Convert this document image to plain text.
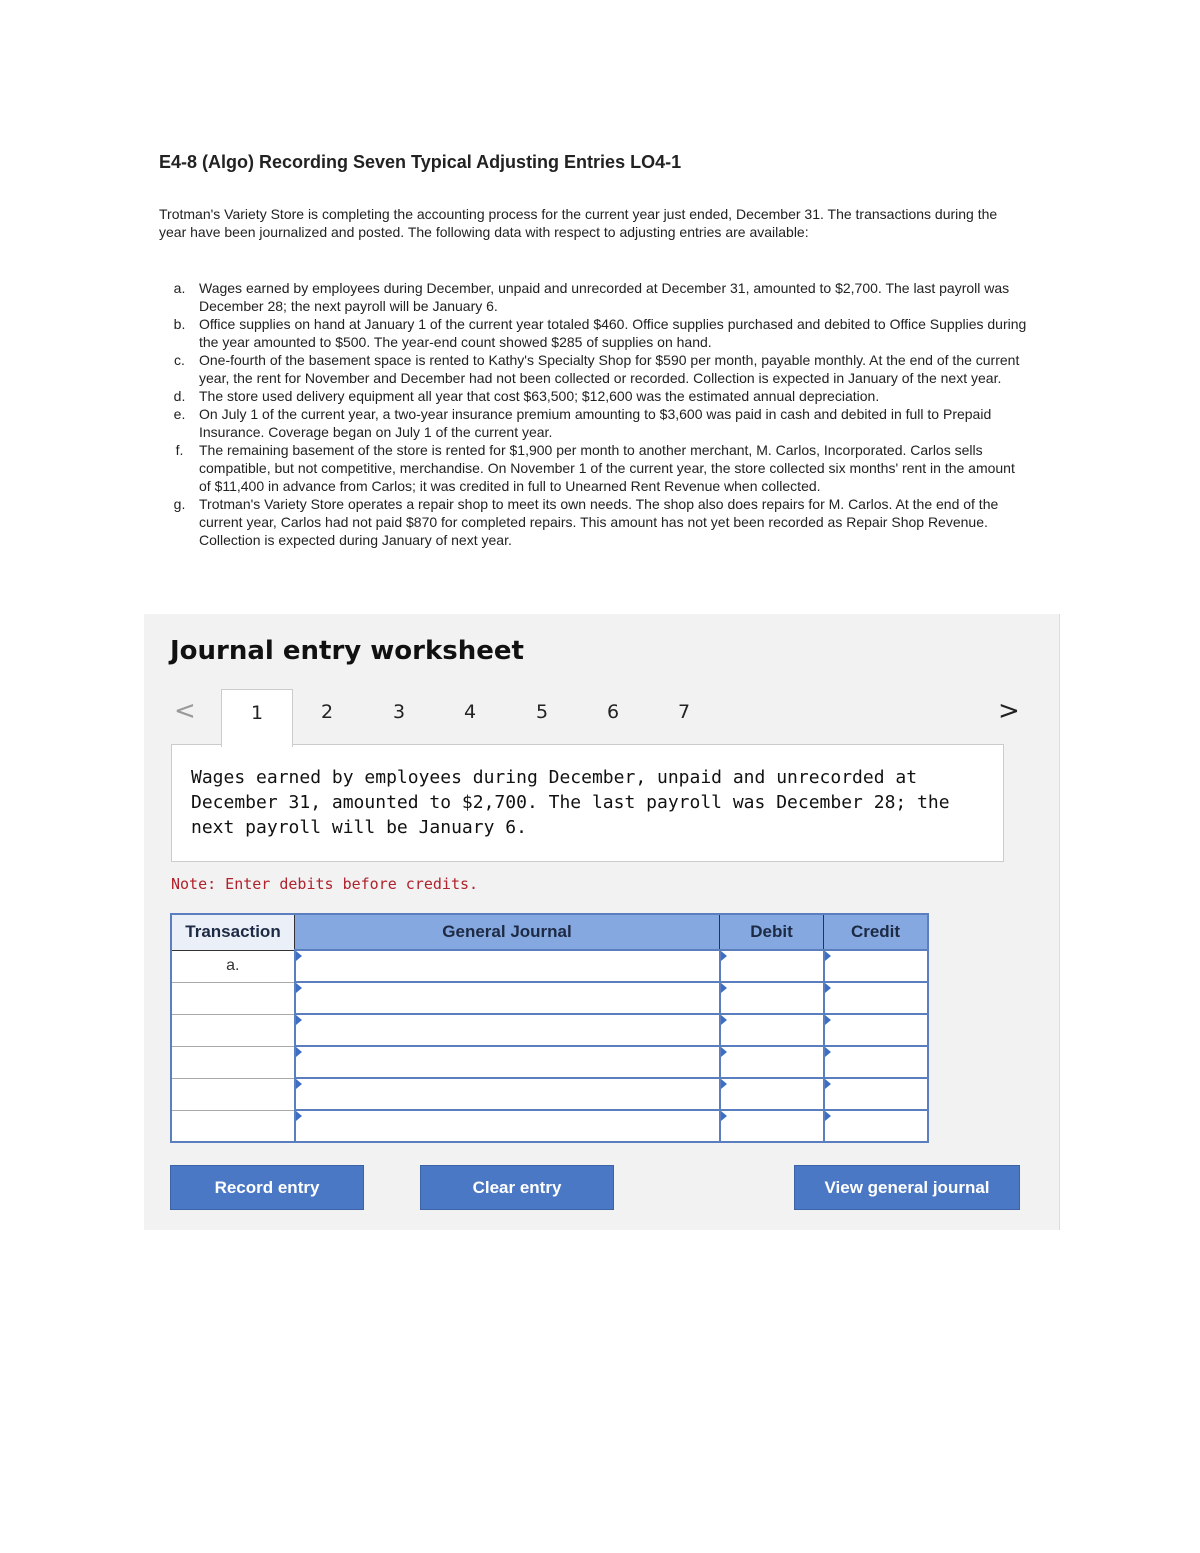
E4-8 (Algo) Recording Seven Typical Adjusting Entries LO4-1

Trotman's Variety Store is completing the accounting process for the current year just ended, December 31. The transactions during the year have been journalized and posted. The following data with respect to adjusting entries are available:

a. Wages earned by employees during December, unpaid and unrecorded at December 31, amounted to $2,700. The last payroll was December 28; the next payroll will be January 6.
b. Office supplies on hand at January 1 of the current year totaled $460. Office supplies purchased and debited to Office Supplies during the year amounted to $500. The year-end count showed $285 of supplies on hand.
c.	One-fourth of the basement space is rented to Kathy's Specialty Shop for $590 per month, payable monthly. At the end of the current year, the rent for November and December had not been collected or recorded. Collection is expected in January of the next year.
d. The store used delivery equipment all year that cost $63,500; $12,600 was the estimated annual depreciation.
e. On July 1 of the current year, a two-year insurance premium amounting to $3,600 was paid in cash and debited in full to Prepaid Insurance. Coverage began on July 1 of the current year.
f.	The remaining basement of the store is rented for $1,900 per month to another merchant, M. Carlos, Incorporated. Carlos sells compatible, but not competitive, merchandise. On November 1 of the current year, the store collected six months' rent in the amount of $11,400 in advance from Carlos; it was credited in full to Unearned Rent Revenue when collected.
g. Trotman's Variety Store operates a repair shop to meet its own needs. The shop also does repairs for M. Carlos. At the end of the current year, Carlos had not paid $870 for completed repairs. This amount has not yet been recorded as Repair Shop Revenue. Collection is expected during January of next year.
Journal entry worksheet
<	1	2	3	4	5	6	7	>

Wages earned by employees during December, unpaid and unrecorded at December 31, amounted to $2,700. The last payroll was December 28; the next payroll will be January 6.

Note: Enter debits before credits.

Transaction	General Journal	Debit	Credit
a.			

Record entry	Clear entry	View general journal
